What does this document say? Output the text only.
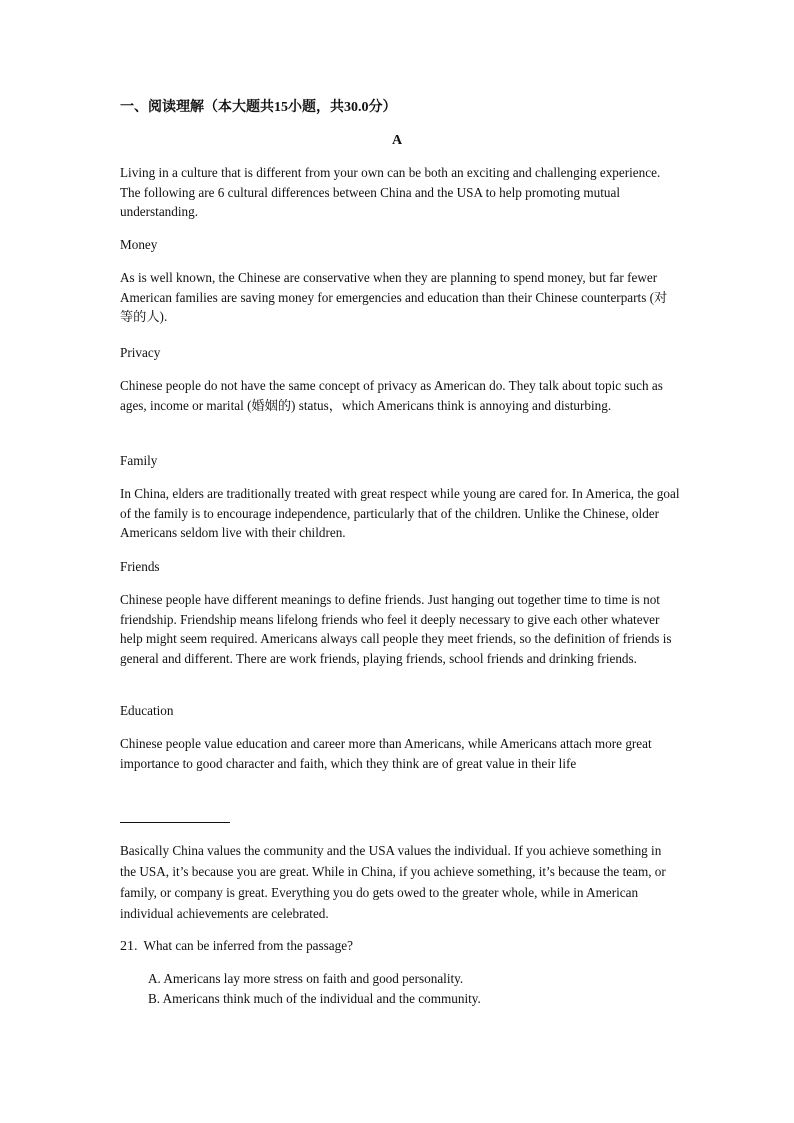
一、阅读理解（本大题共15小题，共30.0分）
A

Living in a culture that is different from your own can be both an exciting and challenging experience. The following are 6 cultural differences between China and the USA to help promoting mutual understanding.

Money

As is well known, the Chinese are conservative when they are planning to spend money, but far fewer American families are saving money for emergencies and education than their Chinese counterparts (对等的人).

Privacy

Chinese people do not have the same concept of privacy as American do. They talk about topic such as ages, income or marital (婚姻的) status，which Americans think is annoying and disturbing.

Family

In China, elders are traditionally treated with great respect while young are cared for. In America, the goal of the family is to encourage independence, particularly that of the children. Unlike the Chinese, older Americans seldom live with their children.

Friends

Chinese people have different meanings to define friends. Just hanging out together time to time is not friendship. Friendship means lifelong friends who feel it deeply necessary to give each other whatever help might seem required. Americans always call people they meet friends, so the definition of friends is general and different. There are work friends, playing friends, school friends and drinking friends.

Education

Chinese people value education and career more than Americans, while Americans attach more great importance to good character and faith, which they think are of great value in their life

Basically China values the community and the USA values the individual. If you achieve something in the USA, it’s because you are great. While in China, if you achieve something, it’s because the team, or family, or company is great. Everything you do gets owed to the greater whole, while in American individual achievements are celebrated.

21. What can be inferred from the passage?
A. Americans lay more stress on faith and good personality.
B. Americans think much of the individual and the community.
